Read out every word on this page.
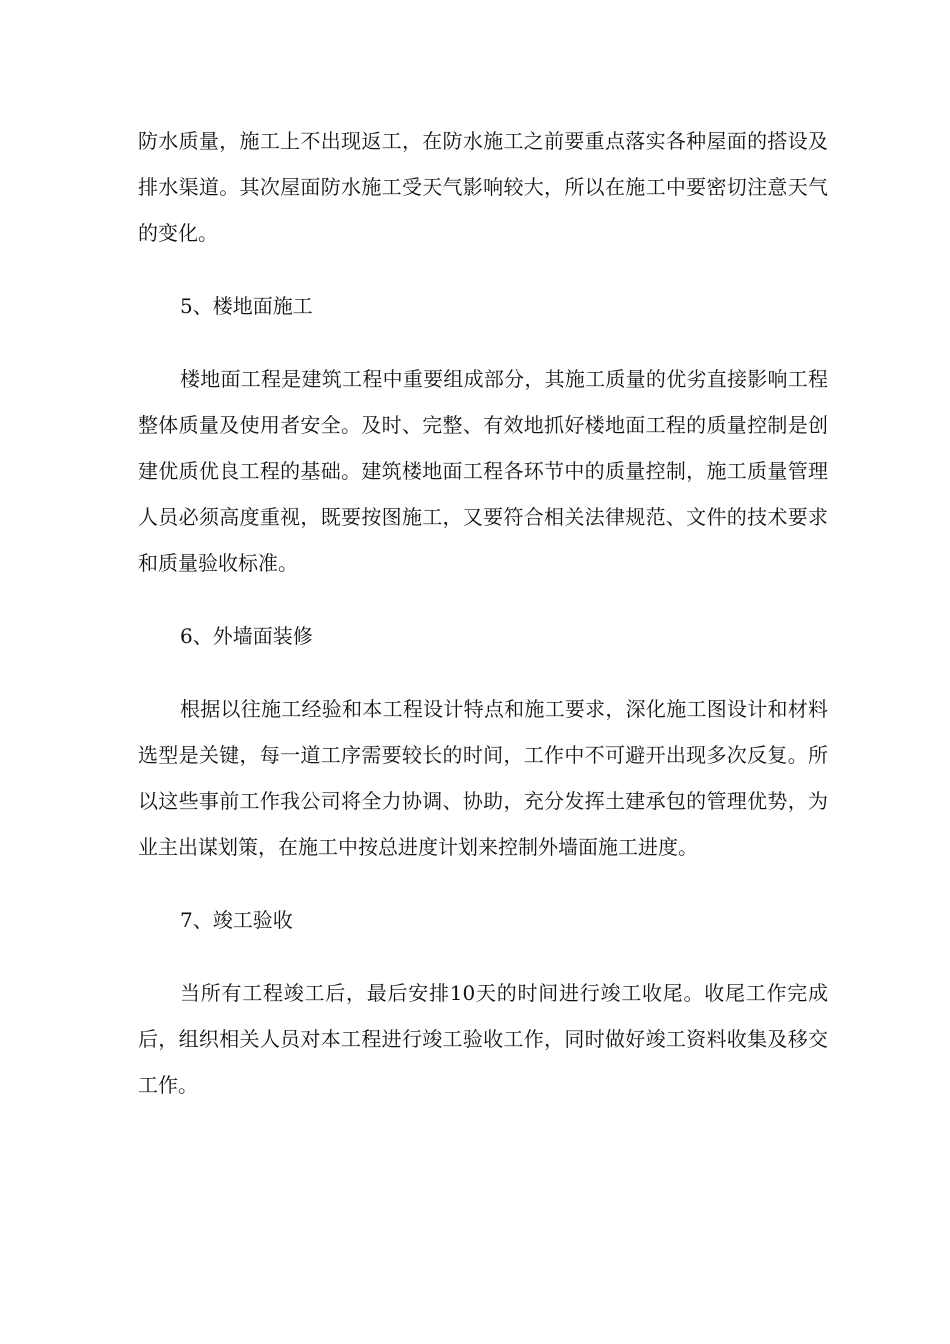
防水质量，施工上不出现返工，在防水施工之前要重点落实各种屋面的搭设及排水渠道。其次屋面防水施工受天气影响较大，所以在施工中要密切注意天气的变化。

5、楼地面施工

楼地面工程是建筑工程中重要组成部分，其施工质量的优劣直接影响工程整体质量及使用者安全。及时、完整、有效地抓好楼地面工程的质量控制是创建优质优良工程的基础。建筑楼地面工程各环节中的质量控制，施工质量管理人员必须高度重视，既要按图施工，又要符合相关法律规范、文件的技术要求和质量验收标准。

6、外墙面装修

根据以往施工经验和本工程设计特点和施工要求，深化施工图设计和材料选型是关键，每一道工序需要较长的时间，工作中不可避开出现多次反复。所以这些事前工作我公司将全力协调、协助，充分发挥土建承包的管理优势，为业主出谋划策，在施工中按总进度计划来控制外墙面施工进度。

7、竣工验收

当所有工程竣工后，最后安排10天的时间进行竣工收尾。收尾工作完成后，组织相关人员对本工程进行竣工验收工作，同时做好竣工资料收集及移交工作。
